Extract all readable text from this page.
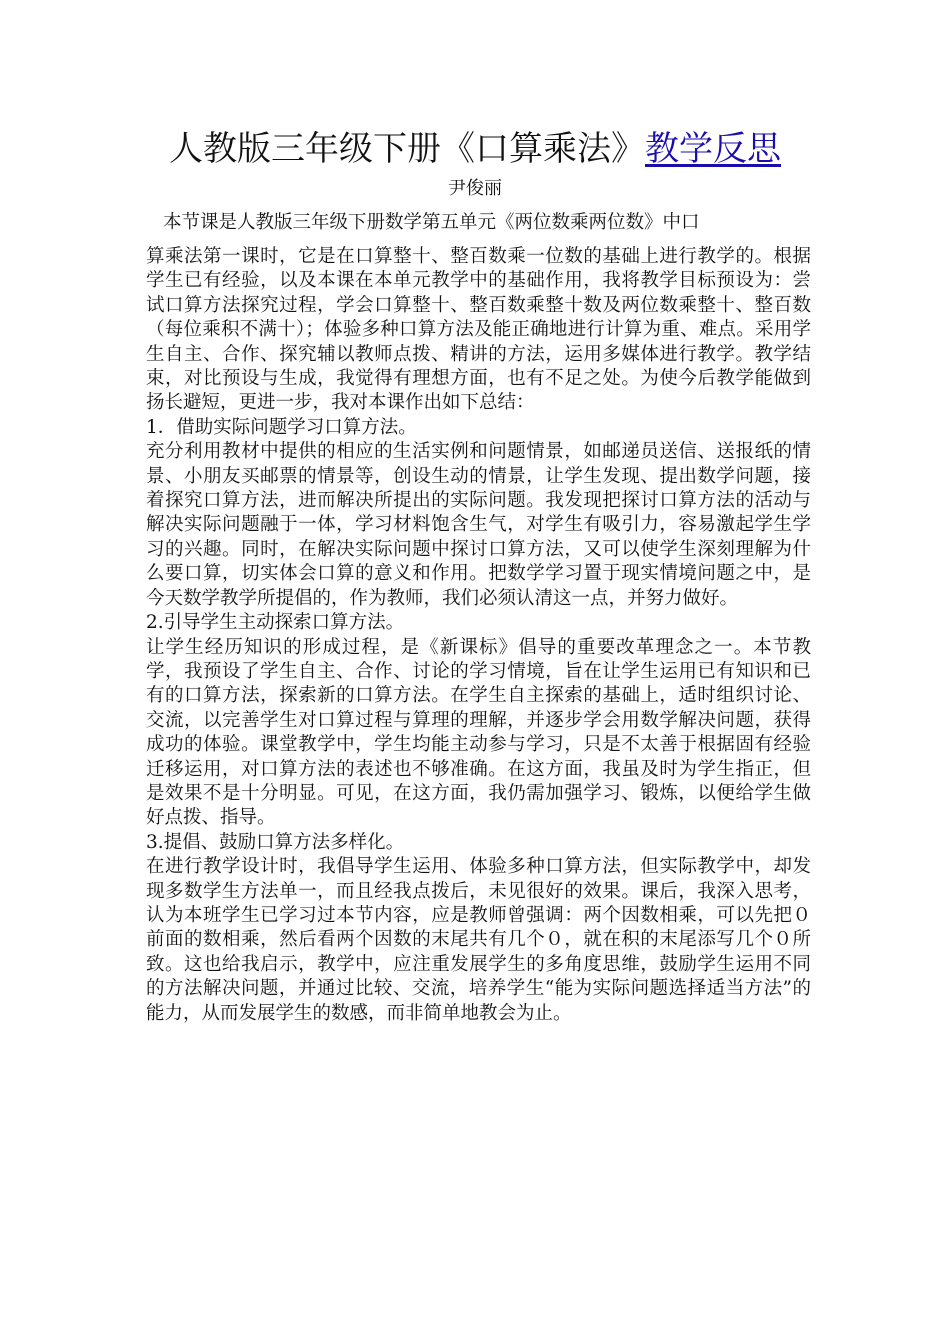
人教版三年级下册《口算乘法》教学反思
尹俊丽
本节课是人教版三年级下册数学第五单元《两位数乘两位数》中口

算乘法第一课时，它是在口算整十、整百数乘一位数的基础上进行教学的。根据学生已有经验，以及本课在本单元教学中的基础作用，我将教学目标预设为：尝试口算方法探究过程，学会口算整十、整百数乘整十数及两位数乘整十、整百数（每位乘积不满十）；体验多种口算方法及能正确地进行计算为重、难点。采用学生自主、合作、探究辅以教师点拨、精讲的方法，运用多媒体进行教学。教学结束，对比预设与生成，我觉得有理想方面，也有不足之处。为使今后教学能做到扬长避短，更进一步，我对本课作出如下总结：

1．借助实际问题学习口算方法。

充分利用教材中提供的相应的生活实例和问题情景，如邮递员送信、送报纸的情景、小朋友买邮票的情景等，创设生动的情景，让学生发现、提出数学问题，接着探究口算方法，进而解决所提出的实际问题。我发现把探讨口算方法的活动与解决实际问题融于一体，学习材料饱含生气，对学生有吸引力，容易激起学生学习的兴趣。同时，在解决实际问题中探讨口算方法，又可以使学生深刻理解为什么要口算，切实体会口算的意义和作用。把数学学习置于现实情境问题之中，是今天数学教学所提倡的，作为教师，我们必须认清这一点，并努力做好。

2.引导学生主动探索口算方法。

让学生经历知识的形成过程，是《新课标》倡导的重要改革理念之一。本节教学，我预设了学生自主、合作、讨论的学习情境，旨在让学生运用已有知识和已有的口算方法，探索新的口算方法。在学生自主探索的基础上，适时组织讨论、交流，以完善学生对口算过程与算理的理解，并逐步学会用数学解决问题，获得成功的体验。课堂教学中，学生均能主动参与学习，只是不太善于根据固有经验迁移运用，对口算方法的表述也不够准确。在这方面，我虽及时为学生指正，但是效果不是十分明显。可见，在这方面，我仍需加强学习、锻炼，以便给学生做好点拨、指导。

3.提倡、鼓励口算方法多样化。

在进行教学设计时，我倡导学生运用、体验多种口算方法，但实际教学中，却发现多数学生方法单一，而且经我点拨后，未见很好的效果。课后，我深入思考，认为本班学生已学习过本节内容，应是教师曾强调：两个因数相乘，可以先把０前面的数相乘，然后看两个因数的末尾共有几个０，就在积的末尾添写几个０所致。这也给我启示，教学中，应注重发展学生的多角度思维，鼓励学生运用不同的方法解决问题，并通过比较、交流，培养学生“能为实际问题选择适当方法”的能力，从而发展学生的数感，而非简单地教会为止。
